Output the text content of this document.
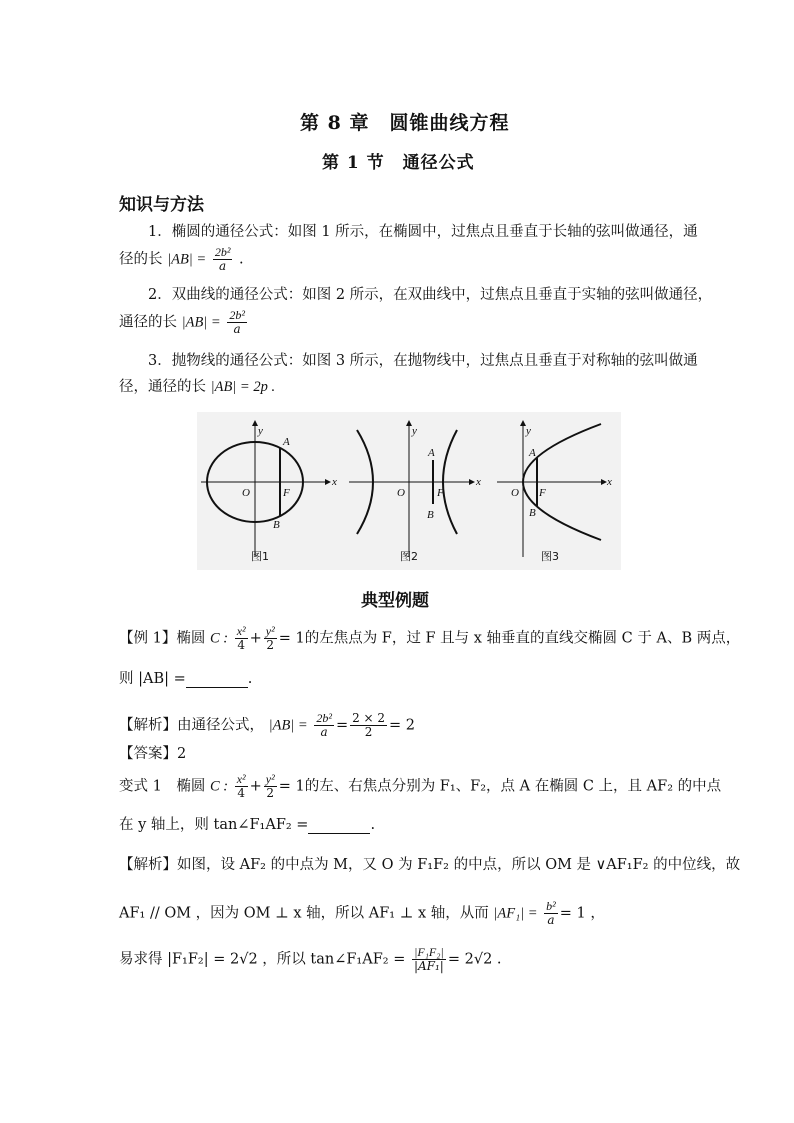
第 8 章　圆锥曲线方程
第 1 节　通径公式
知识与方法
1．椭圆的通径公式：如图 1 所示，在椭圆中，过焦点且垂直于长轴的弦叫做通径，通
径的长 $|AB| = \frac{\text{2b²}}{a}$ .
2．双曲线的通径公式：如图 2 所示，在双曲线中，过焦点且垂直于实轴的弦叫做通径，
通径的长 $|AB| = \frac{\text{2b²}}{a}$
3．抛物线的通径公式：如图 3 所示，在抛物线中，过焦点且垂直于对称轴的弦叫做通
径，通径的长 |AB| = 2p .
y
x
O	F
A
B
图1
y
x
O	F
A
B
图2
y
x
O F
A
B
图3
典型例题
【例 1】椭圆 C : $\frac{\text{x²}}{4} + \frac{\text{y²}}{2} = 1$的左焦点为 F，过 F 且与 x 轴垂直的直线交椭圆 C 于 A、B 两点，
则 |AB| =	.
【解析】由通径公式， $|AB| = \frac{\text{2b²}}{a} = \frac{2 \times 2}{2} = 2$
【答案】2
变式 1　椭圆 C : $\frac{\text{x²}}{4} + \frac{\text{y²}}{2} = 1$的左、右焦点分别为 F₁、F₂，点 A 在椭圆 C 上，且 AF₂ 的中点
在 y 轴上，则 tan∠F₁AF₂ =	.
【解析】如图，设 AF₂ 的中点为 M，又 O 为 F₁F₂ 的中点，所以 OM 是 ∨AF₁F₂ 的中位线，故
AF₁ // OM ，因为 OM ⊥ x 轴，所以 AF₁ ⊥ x 轴，从而 $|AF_1| = \frac{\text{b²}}{a} = 1$ ，
易求得 |F₁F₂| = 2√2 ，所以 tan∠F₁AF₂ = $\frac{\text{|F₁F₂|}}{\text{|AF₁|}} = 2√2$ .
